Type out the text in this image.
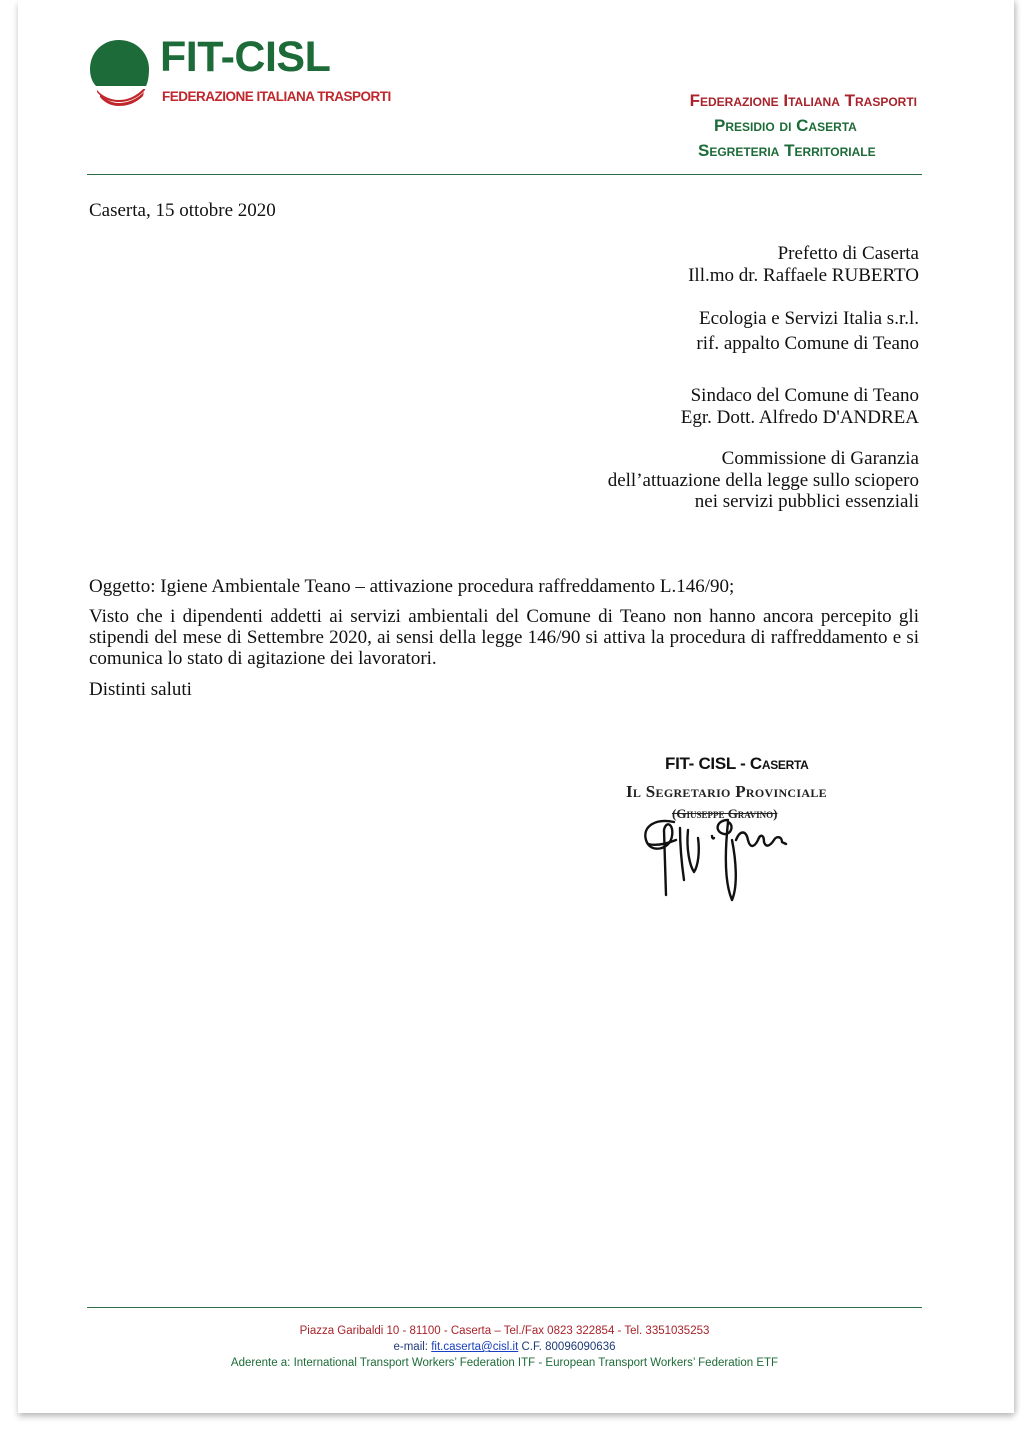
FIT-CISL
FEDERAZIONE ITALIANA TRASPORTI	Federazione Italiana Trasporti
Presidio di Caserta
Segreteria Territoriale
Caserta, 15 ottobre 2020
Prefetto di Caserta
Ill.mo dr. Raffaele RUBERTO
Ecologia e Servizi Italia s.r.l.
rif. appalto Comune di Teano
Sindaco del Comune di Teano
Egr. Dott. Alfredo D'ANDREA
Commissione di Garanzia
dell’attuazione della legge sullo sciopero
nei servizi pubblici essenziali
Oggetto: Igiene Ambientale Teano – attivazione procedura raffreddamento L.146/90;
Visto che i dipendenti addetti ai servizi ambientali del Comune di Teano non hanno ancora percepito gli stipendi del mese di Settembre 2020, ai sensi della legge 146/90 si attiva la procedura di raffreddamento e si comunica lo stato di agitazione dei lavoratori.
Distinti saluti
FIT- CISL - Caserta
Il Segretario Provinciale
(Giuseppe Gravino)
Piazza Garibaldi 10 - 81100 - Caserta – Tel./Fax 0823 322854 - Tel. 3351035253
e-mail: fit.caserta@cisl.it C.F. 80096090636
Aderente a: International Transport Workers’ Federation ITF - European Transport Workers’ Federation ETF
